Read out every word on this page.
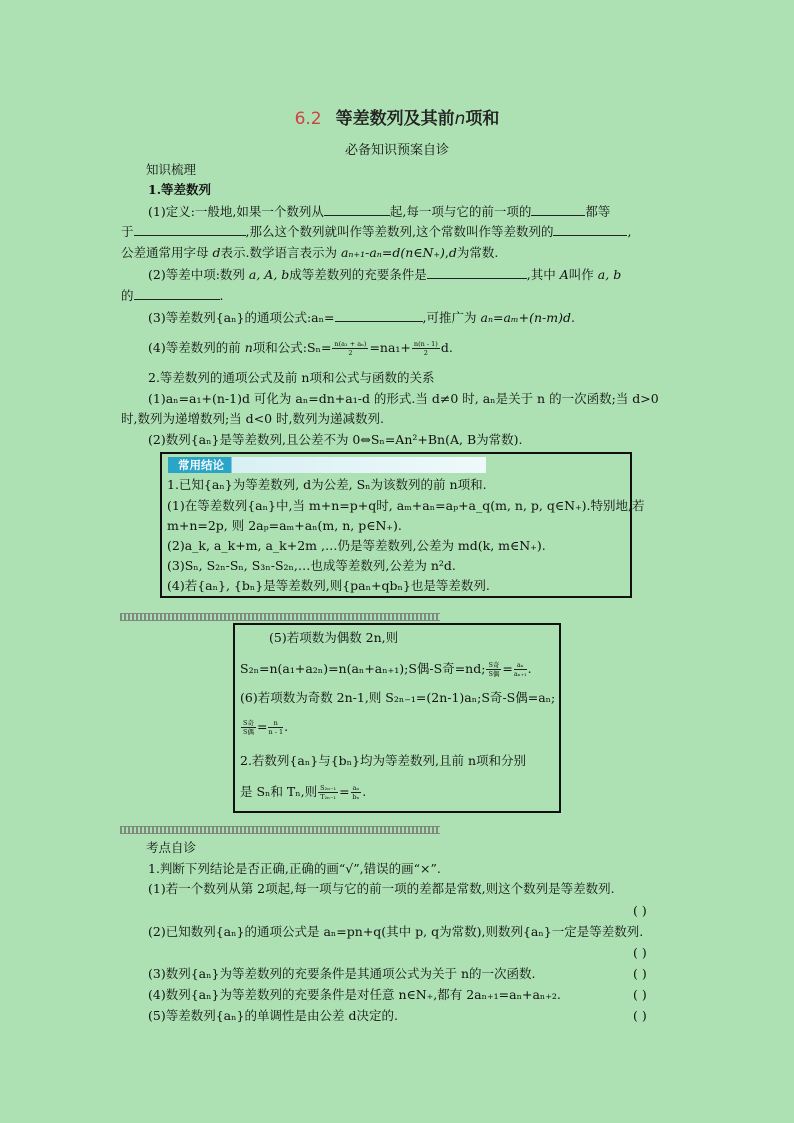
6.2 等差数列及其前n项和
必备知识预案自诊
知识梳理
1.等差数列
(1)定义:一般地,如果一个数列从	起,每一项与它的前一项的	都等
于	,那么这个数列就叫作等差数列,这个常数叫作等差数列的	,
公差通常用字母 d表示.数学语言表示为 aₙ₊₁-aₙ=d(n∈N₊),d为常数.
(2)等差中项:数列 a, A, b成等差数列的充要条件是	,其中 A叫作 a, b
的	.
(3)等差数列{aₙ}的通项公式:aₙ=	,可推广为 aₙ=aₘ+(n-m)d.
(4)等差数列的前 n项和公式:Sₙ= $\frac{\text{n(a₁ + aₙ)}}{2} =na_1+ \frac{n(n - 1)}{2} d$.
2.等差数列的通项公式及前 n项和公式与函数的关系
(1)aₙ=a₁+(n-1)d 可化为 aₙ=dn+a₁-d 的形式.当 d≠0 时, aₙ是关于 n 的一次函数;当 d>0
时,数列为递增数列;当 d<0 时,数列为递减数列.
(2)数列{aₙ}是等差数列,且公差不为 0⇔Sₙ=An²+Bn(A, B为常数).
常用结论
1.已知{aₙ}为等差数列, d为公差, Sₙ为该数列的前 n项和.
(1)在等差数列{aₙ}中,当 m+n=p+q时, aₘ+aₙ=aₚ+a_q(m, n, p, q∈N₊).特别地,若
m+n=2p, 则 2aₚ=aₘ+aₙ(m, n, p∈N₊).
(2)a_k, a_k+m, a_k+2m ,…仍是等差数列,公差为 md(k, m∈N₊).
(3)Sₙ, S₂ₙ-Sₙ, S₃ₙ-S₂ₙ,…也成等差数列,公差为 n²d.
(4)若{aₙ}, {bₙ}是等差数列,则{paₙ+qbₙ}也是等差数列.
(5)若项数为偶数 2n,则
S₂ₙ=n(a₁+a₂ₙ)=n(aₙ+aₙ₊₁);S偶-S奇=nd; $\frac{\text{S奇}}{\text{S偶}} = \frac{\text{aₙ}}{\text{aₙ₊₁}}$ .
(6)若项数为奇数 2n-1,则 S₂ₙ₋₁=(2n-1)aₙ;S奇-S偶=aₙ;
$\frac{\text{S奇}}{\text{S偶}} = \frac{n}{n - 1}$ .
2.若数列{aₙ}与{bₙ}均为等差数列,且前 n项和分别
是 Sₙ和 Tₙ,则 $\frac{\text{S₂ₙ₋₁}}{\text{T₂ₙ₋₁}} = \frac{\text{aₙ}}{\text{bₙ}}$ .
考点自诊
1.判断下列结论是否正确,正确的画“√”,错误的画“×”.
(1)若一个数列从第 2项起,每一项与它的前一项的差都是常数,则这个数列是等差数列.
( )
(2)已知数列{aₙ}的通项公式是 aₙ=pn+q(其中 p, q为常数),则数列{aₙ}一定是等差数列.
( )
(3)数列{aₙ}为等差数列的充要条件是其通项公式为关于 n的一次函数.	( )
(4)数列{aₙ}为等差数列的充要条件是对任意 n∈N₊,都有 2aₙ₊₁=aₙ+aₙ₊₂.	( )
(5)等差数列{aₙ}的单调性是由公差 d决定的.	( )
